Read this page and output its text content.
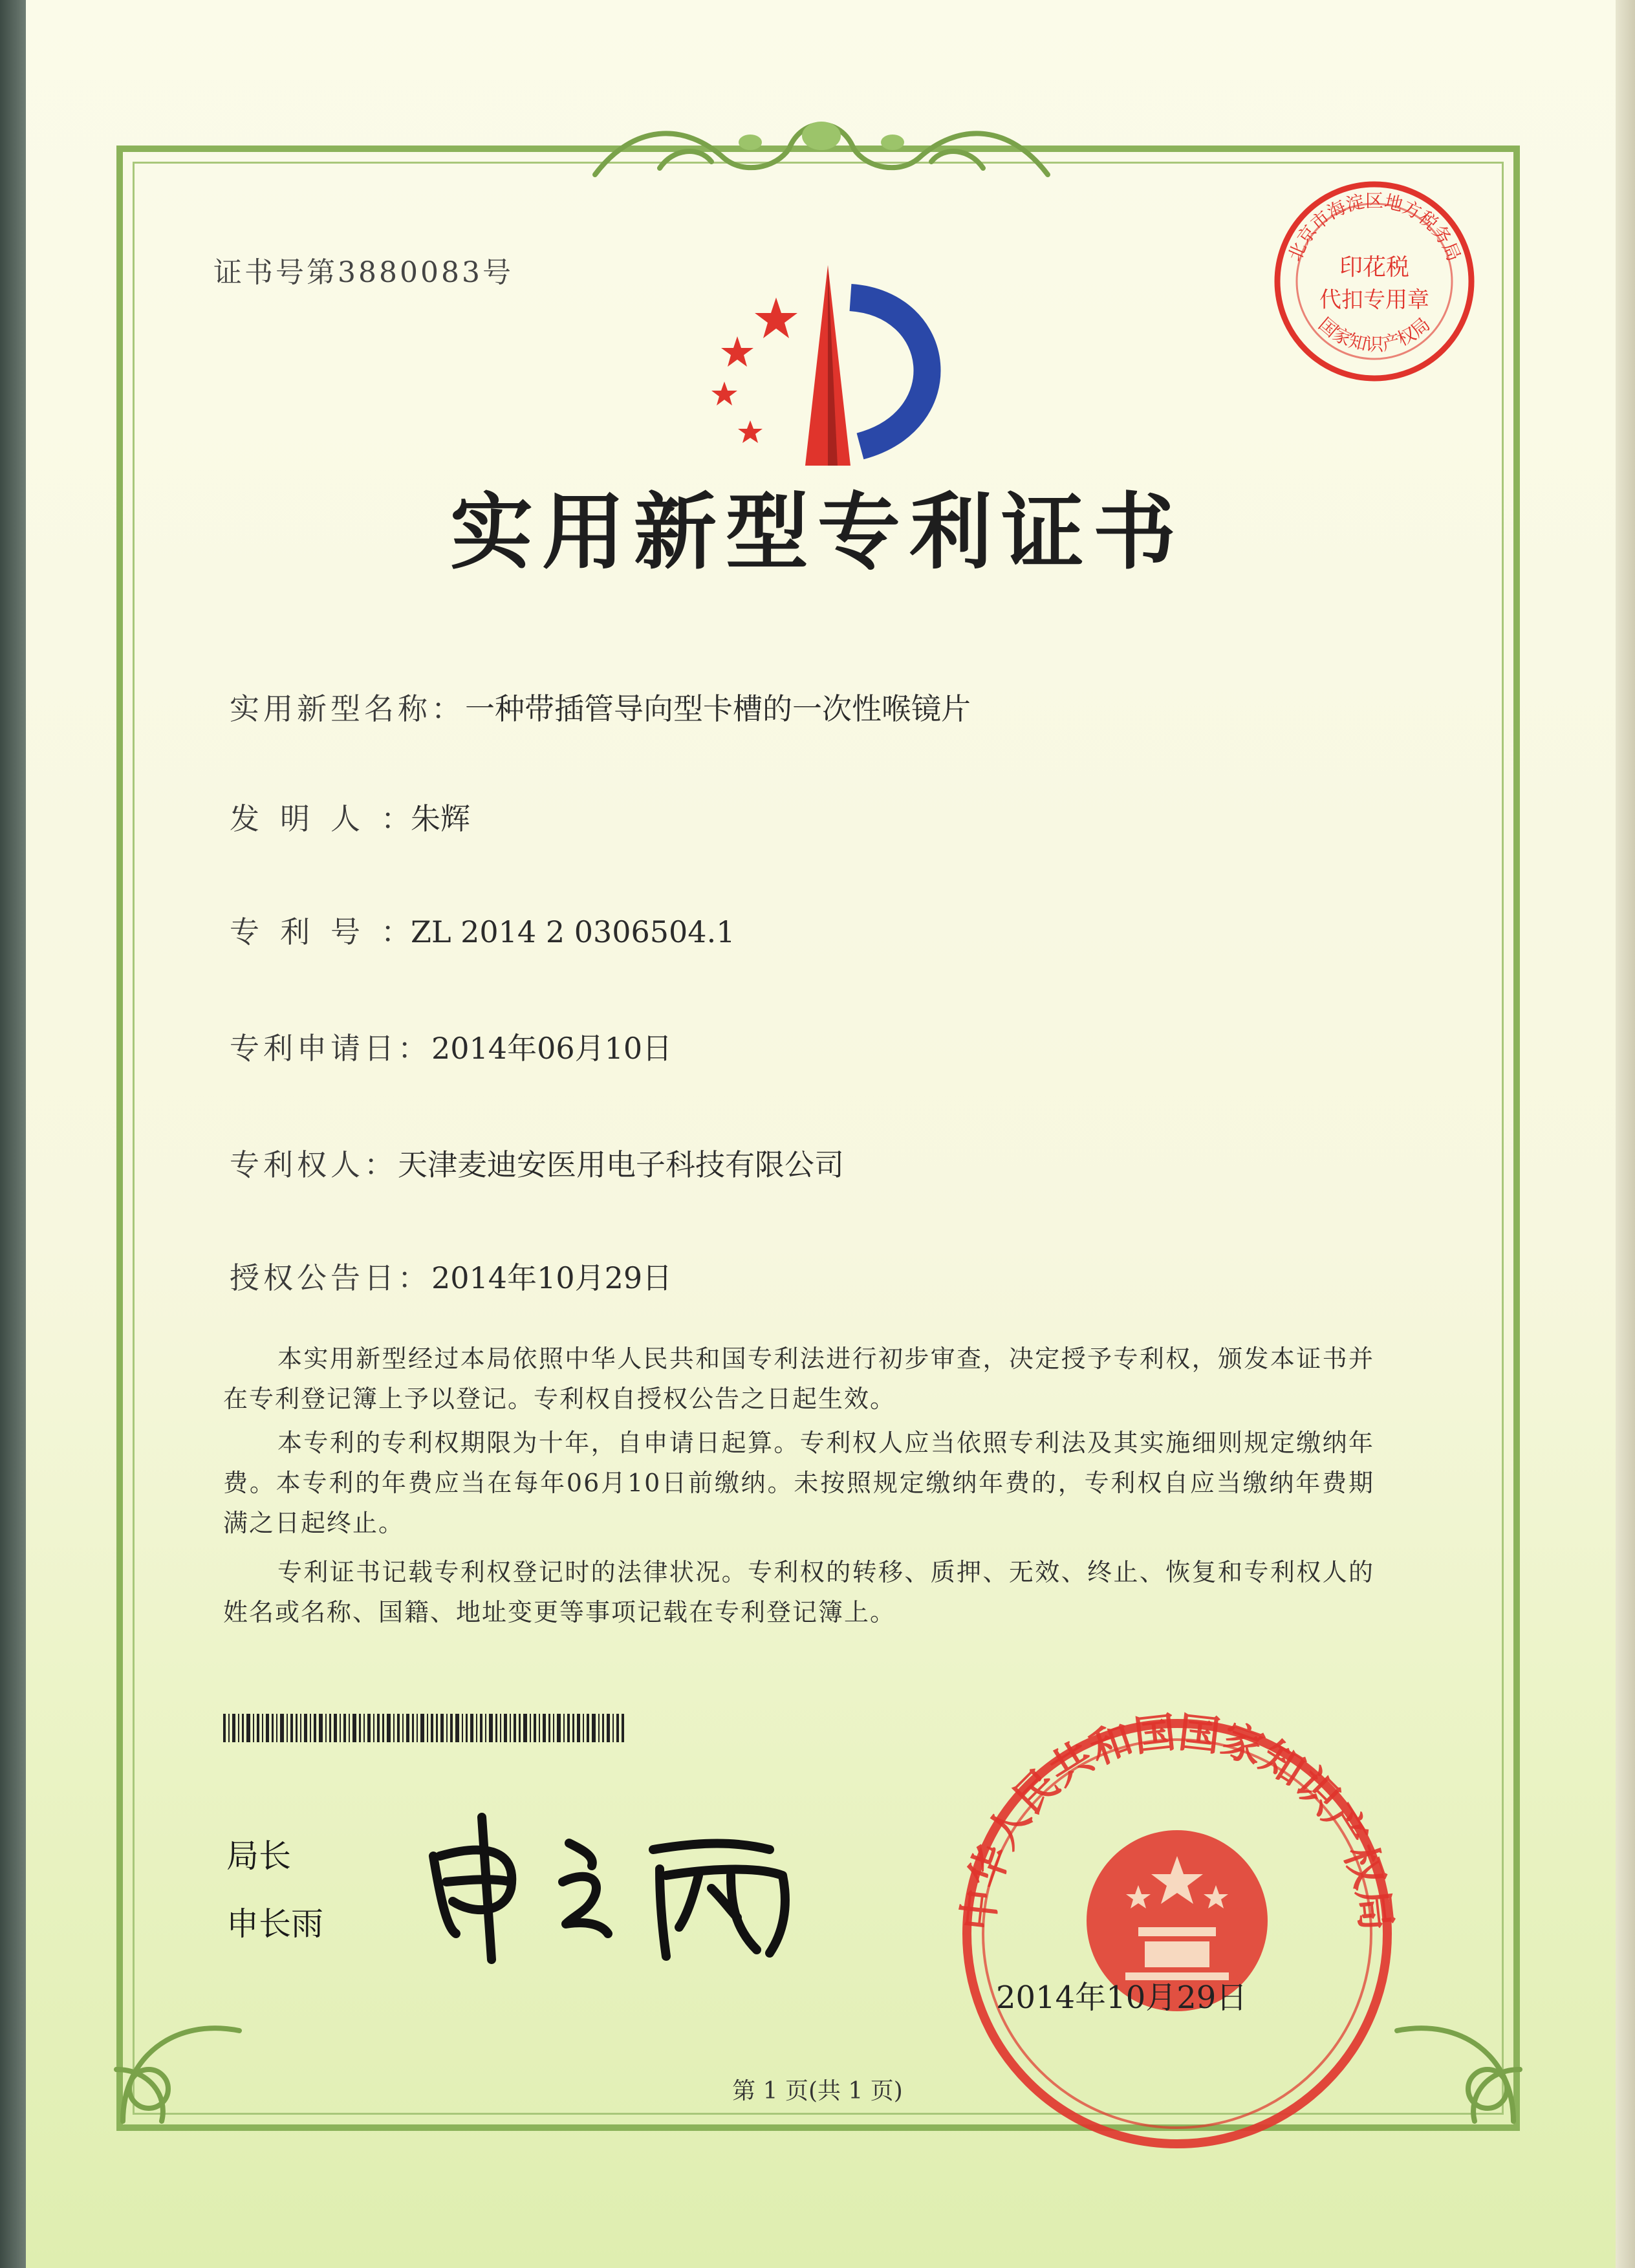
证书号第3880083号	印花税
代扣专用章
北京市海淀区地方税务局
国家知识产权局
实用新型专利证书
实用新型名称：一种带插管导向型卡槽的一次性喉镜片
发明人：朱辉
专利号：ZL 2014 2 0306504.1
专利申请日：2014年06月10日
专利权人：天津麦迪安医用电子科技有限公司
授权公告日：2014年10月29日
本实用新型经过本局依照中华人民共和国专利法进行初步审查，决定授予专利权，颁发本证书并在专利登记簿上予以登记。专利权自授权公告之日起生效。
本专利的专利权期限为十年，自申请日起算。专利权人应当依照专利法及其实施细则规定缴纳年费。本专利的年费应当在每年06月10日前缴纳。未按照规定缴纳年费的，专利权自应当缴纳年费期满之日起终止。
专利证书记载专利权登记时的法律状况。专利权的转移、质押、无效、终止、恢复和专利权人的姓名或名称、国籍、地址变更等事项记载在专利登记簿上。
局长
申长雨	中华人民共和国国家知识产权局
2014年10月29日
第 1 页(共 1 页)
